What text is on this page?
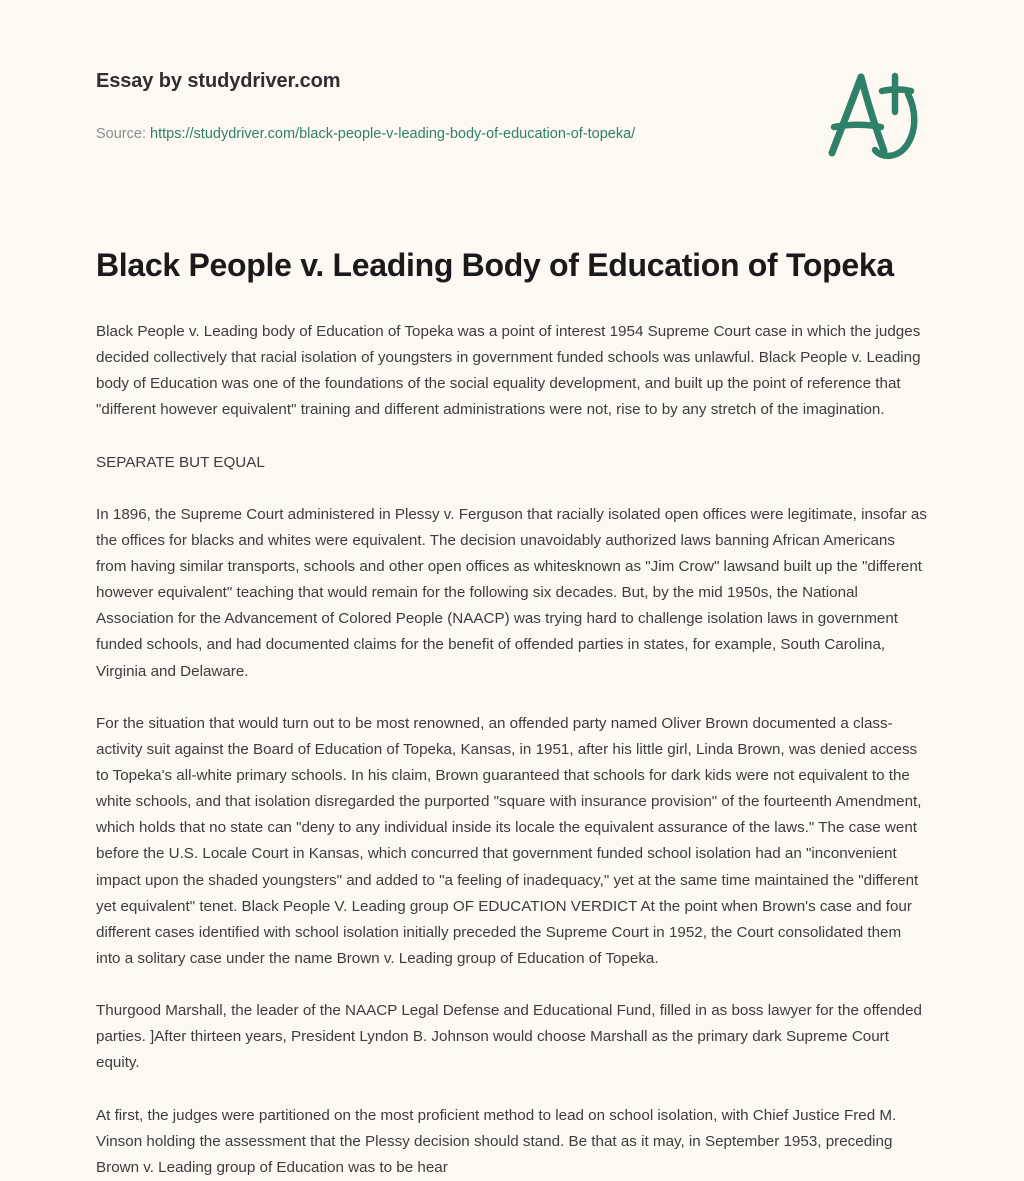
Essay by studydriver.com
Source: https://studydriver.com/black-people-v-leading-body-of-education-of-topeka/
Black People v. Leading Body of Education of Topeka

Black People v. Leading body of Education of Topeka was a point of interest 1954 Supreme Court case in which the judges decided collectively that racial isolation of youngsters in government funded schools was unlawful. Black People v. Leading body of Education was one of the foundations of the social equality development, and built up the point of reference that "different however equivalent" training and different administrations were not, rise to by any stretch of the imagination.

SEPARATE BUT EQUAL

In 1896, the Supreme Court administered in Plessy v. Ferguson that racially isolated open offices were legitimate, insofar as the offices for blacks and whites were equivalent. The decision unavoidably authorized laws banning African Americans from having similar transports, schools and other open offices as whitesknown as "Jim Crow" lawsand built up the "different however equivalent" teaching that would remain for the following six decades. But, by the mid 1950s, the National Association for the Advancement of Colored People (NAACP) was trying hard to challenge isolation laws in government funded schools, and had documented claims for the benefit of offended parties in states, for example, South Carolina, Virginia and Delaware.

For the situation that would turn out to be most renowned, an offended party named Oliver Brown documented a class-activity suit against the Board of Education of Topeka, Kansas, in 1951, after his little girl, Linda Brown, was denied access to Topeka's all-white primary schools. In his claim, Brown guaranteed that schools for dark kids were not equivalent to the white schools, and that isolation disregarded the purported "square with insurance provision" of the fourteenth Amendment, which holds that no state can "deny to any individual inside its locale the equivalent assurance of the laws." The case went before the U.S. Locale Court in Kansas, which concurred that government funded school isolation had an "inconvenient impact upon the shaded youngsters" and added to "a feeling of inadequacy," yet at the same time maintained the "different yet equivalent" tenet. Black People V. Leading group OF EDUCATION VERDICT At the point when Brown's case and four different cases identified with school isolation initially preceded the Supreme Court in 1952, the Court consolidated them into a solitary case under the name Brown v. Leading group of Education of Topeka.

Thurgood Marshall, the leader of the NAACP Legal Defense and Educational Fund, filled in as boss lawyer for the offended parties. ]After thirteen years, President Lyndon B. Johnson would choose Marshall as the primary dark Supreme Court equity.

At first, the judges were partitioned on the most proficient method to lead on school isolation, with Chief Justice Fred M. Vinson holding the assessment that the Plessy decision should stand. Be that as it may, in September 1953, preceding Brown v. Leading group of Education was to be hear
